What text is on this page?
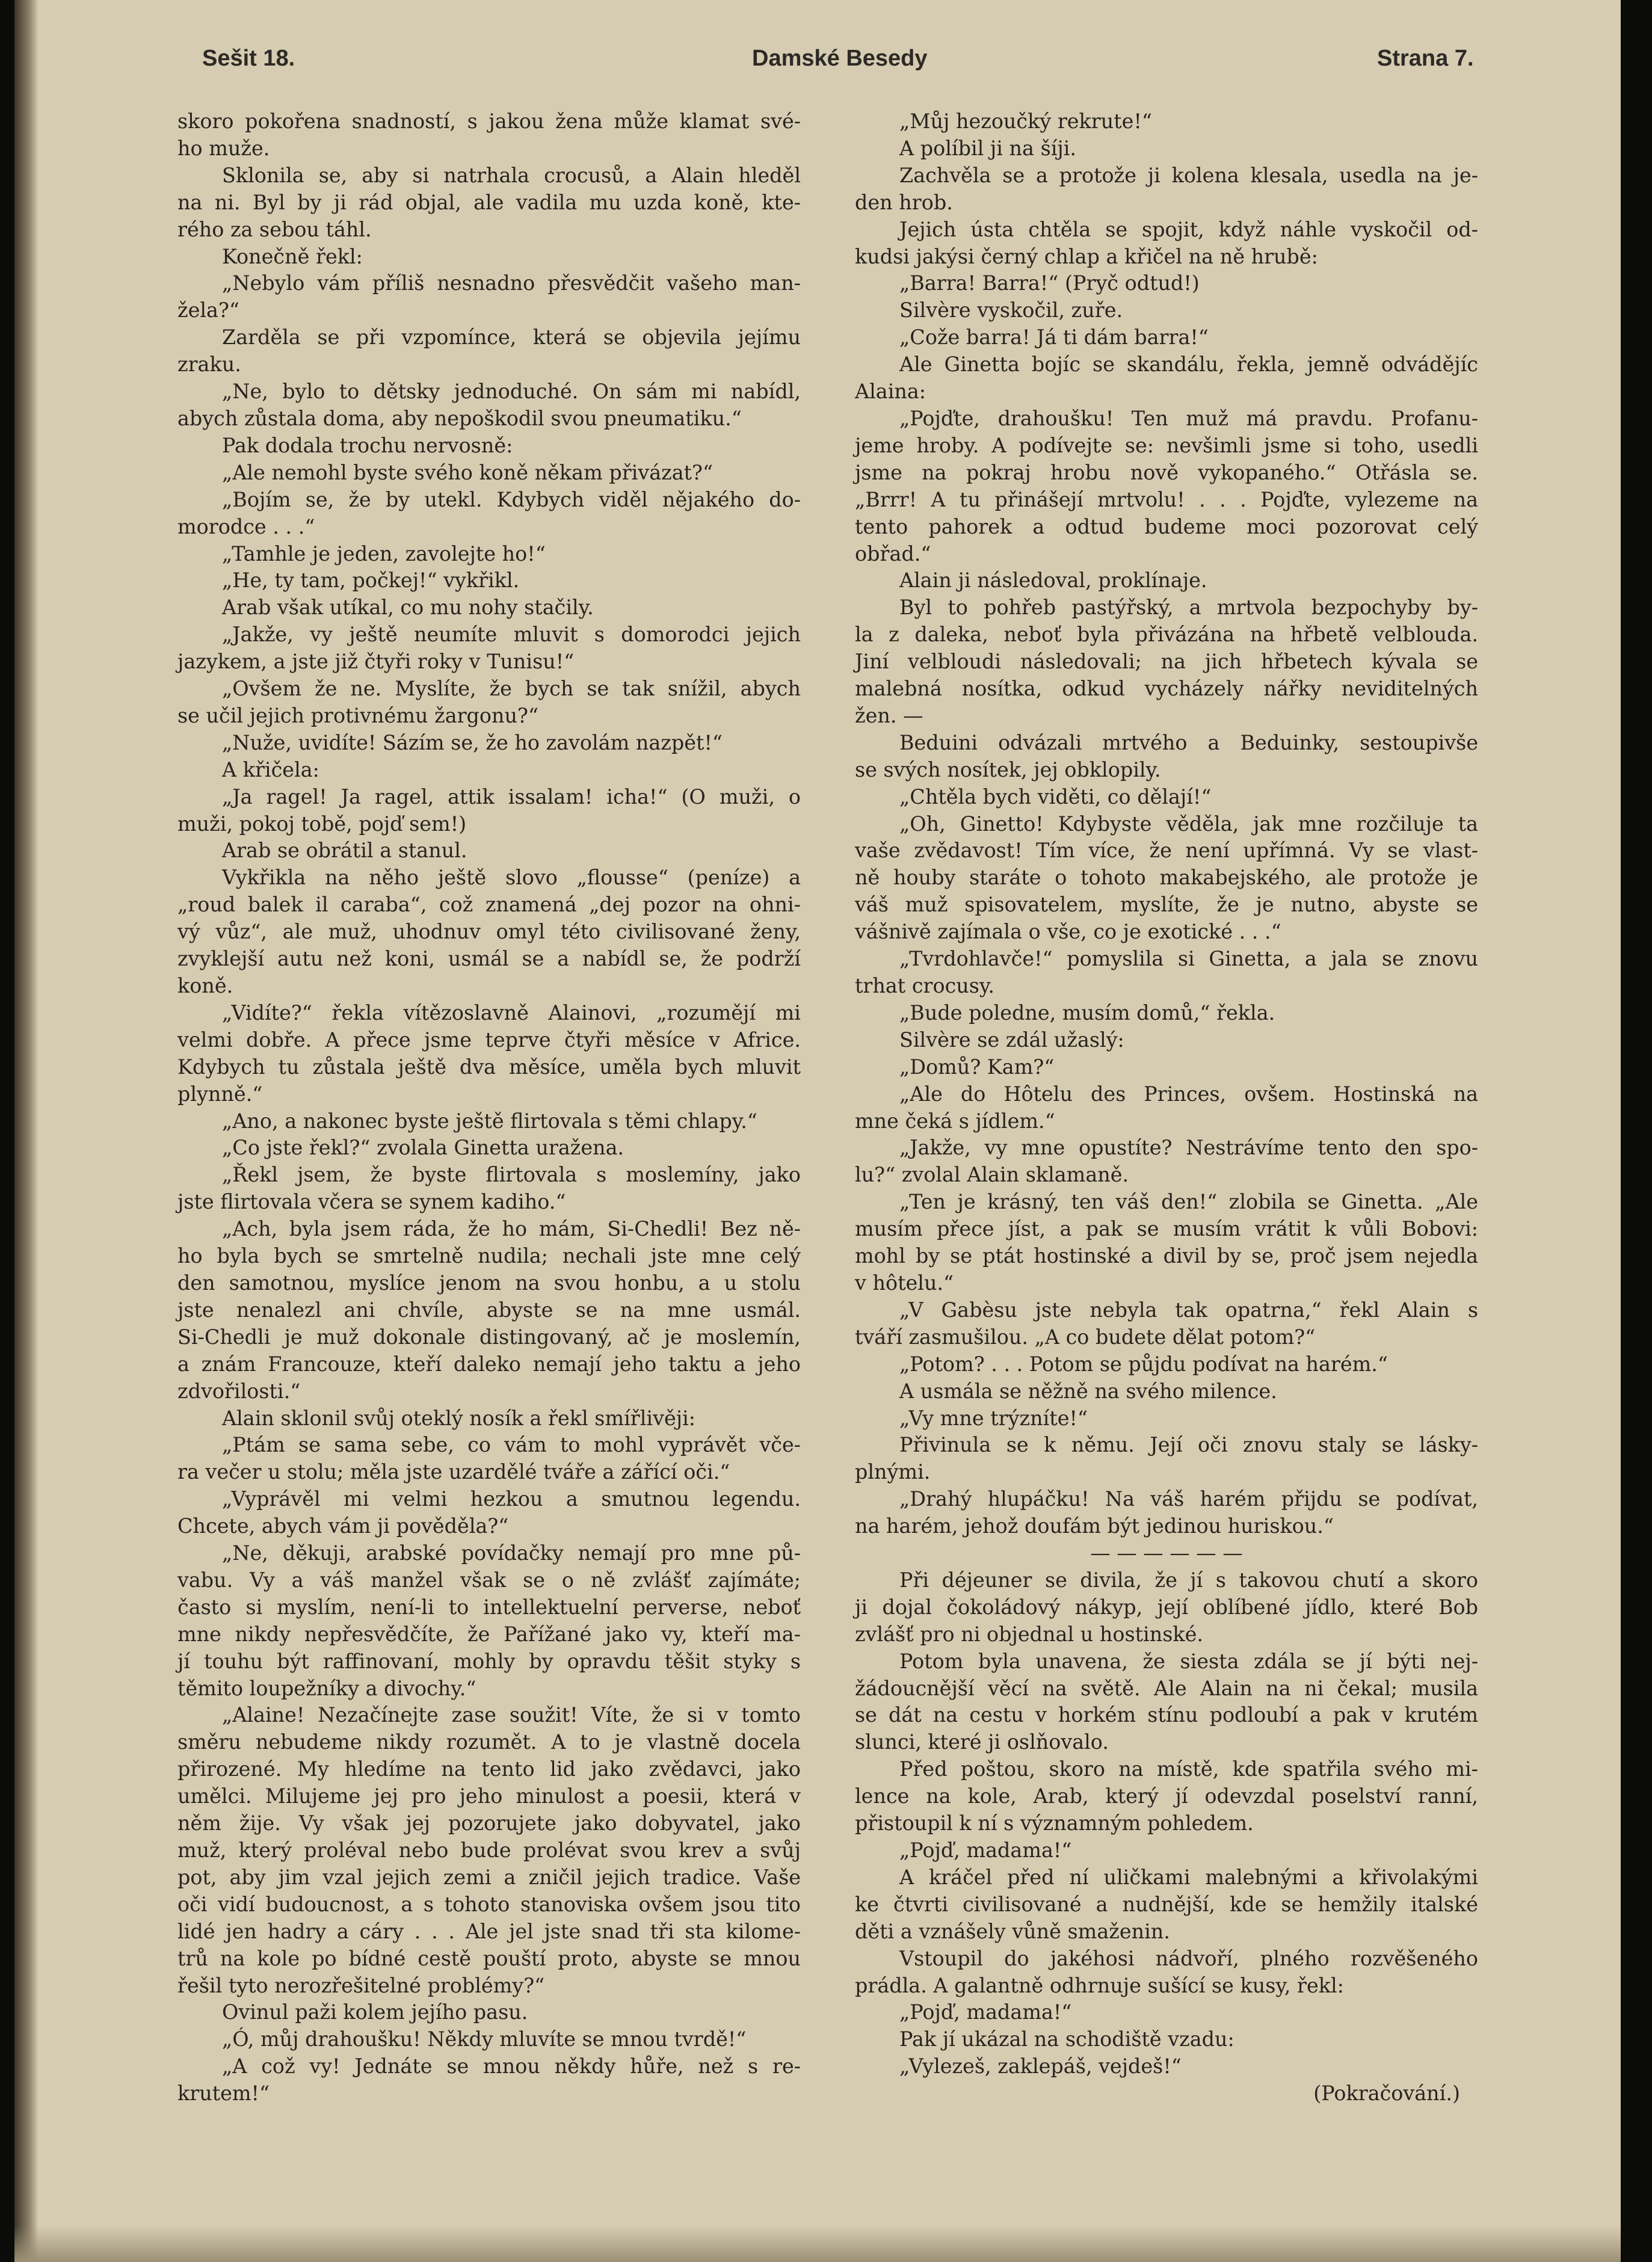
Sešit 18.	Damské Besedy	Strana 7.

skoro pokořena snadností, s jakou žena může klamat své-

ho muže.

Sklonila se, aby si natrhala crocusů, a Alain hleděl

na ni. Byl by ji rád objal, ale vadila mu uzda koně, kte-

rého za sebou táhl.

Konečně řekl:

„Nebylo vám příliš nesnadno přesvědčit vašeho man-

žela?“

Zarděla se při vzpomínce, která se objevila jejímu

zraku.

„Ne, bylo to dětsky jednoduché. On sám mi nabídl,

abych zůstala doma, aby nepoškodil svou pneumatiku.“

Pak dodala trochu nervosně:

„Ale nemohl byste svého koně někam přivázat?“

„Bojím se, že by utekl. Kdybych viděl nějakého do-

morodce . . .“

„Tamhle je jeden, zavolejte ho!“

„He, ty tam, počkej!“ vykřikl.

Arab však utíkal, co mu nohy stačily.

„Jakže, vy ještě neumíte mluvit s domorodci jejich

jazykem, a jste již čtyři roky v Tunisu!“

„Ovšem že ne. Myslíte, že bych se tak snížil, abych

se učil jejich protivnému žargonu?“

„Nuže, uvidíte! Sázím se, že ho zavolám nazpět!“

A křičela:

„Ja ragel! Ja ragel, attik issalam! icha!“ (O muži, o

muži, pokoj tobě, pojď sem!)

Arab se obrátil a stanul.

Vykřikla na něho ještě slovo „flousse“ (peníze) a

„roud balek il caraba“, což znamená „dej pozor na ohni-

vý vůz“, ale muž, uhodnuv omyl této civilisované ženy,

zvyklejší autu než koni, usmál se a nabídl se, že podrží

koně.

„Vidíte?“ řekla vítězoslavně Alainovi, „rozumějí mi

velmi dobře. A přece jsme teprve čtyři měsíce v Africe.

Kdybych tu zůstala ještě dva měsíce, uměla bych mluvit

plynně.“

„Ano, a nakonec byste ještě flirtovala s těmi chlapy.“

„Co jste řekl?“ zvolala Ginetta uražena.

„Řekl jsem, že byste flirtovala s moslemíny, jako

jste flirtovala včera se synem kadiho.“

„Ach, byla jsem ráda, že ho mám, Si-Chedli! Bez ně-

ho byla bych se smrtelně nudila; nechali jste mne celý

den samotnou, myslíce jenom na svou honbu, a u stolu

jste nenalezl ani chvíle, abyste se na mne usmál.

Si-Chedli je muž dokonale distingovaný, ač je moslemín,

a znám Francouze, kteří daleko nemají jeho taktu a jeho

zdvořilosti.“

Alain sklonil svůj oteklý nosík a řekl smířlivěji:

„Ptám se sama sebe, co vám to mohl vyprávět vče-

ra večer u stolu; měla jste uzardělé tváře a zářící oči.“

„Vyprávěl mi velmi hezkou a smutnou legendu.

Chcete, abych vám ji pověděla?“

„Ne, děkuji, arabské povídačky nemají pro mne pů-

vabu. Vy a váš manžel však se o ně zvlášť zajímáte;

často si myslím, není-li to intellektuelní perverse, neboť

mne nikdy nepřesvědčíte, že Pařížané jako vy, kteří ma-

jí touhu být raffinovaní, mohly by opravdu těšit styky s

těmito loupežníky a divochy.“

„Alaine! Nezačínejte zase soužit! Víte, že si v tomto

směru nebudeme nikdy rozumět. A to je vlastně docela

přirozené. My hledíme na tento lid jako zvědavci, jako

umělci. Milujeme jej pro jeho minulost a poesii, která v

něm žije. Vy však jej pozorujete jako dobyvatel, jako

muž, který proléval nebo bude prolévat svou krev a svůj

pot, aby jim vzal jejich zemi a zničil jejich tradice. Vaše

oči vidí budoucnost, a s tohoto stanoviska ovšem jsou tito

lidé jen hadry a cáry . . . Ale jel jste snad tři sta kilome-

trů na kole po bídné cestě pouští proto, abyste se mnou

řešil tyto nerozřešitelné problémy?“

Ovinul paži kolem jejího pasu.

„Ó, můj drahoušku! Někdy mluvíte se mnou tvrdě!“

„A což vy! Jednáte se mnou někdy hůře, než s re-

krutem!“

„Můj hezoučký rekrute!“

A políbil ji na šíji.

Zachvěla se a protože ji kolena klesala, usedla na je-

den hrob.

Jejich ústa chtěla se spojit, když náhle vyskočil od-

kudsi jakýsi černý chlap a křičel na ně hrubě:

„Barra! Barra!“ (Pryč odtud!)

Silvère vyskočil, zuře.

„Cože barra! Já ti dám barra!“

Ale Ginetta bojíc se skandálu, řekla, jemně odvádějíc

Alaina:

„Pojďte, drahoušku! Ten muž má pravdu. Profanu-

jeme hroby. A podívejte se: nevšimli jsme si toho, usedli

jsme na pokraj hrobu nově vykopaného.“ Otřásla se.

„Brrr! A tu přinášejí mrtvolu! . . . Pojďte, vylezeme na

tento pahorek a odtud budeme moci pozorovat celý

obřad.“

Alain ji následoval, proklínaje.

Byl to pohřeb pastýřský, a mrtvola bezpochyby by-

la z daleka, neboť byla přivázána na hřbetě velblouda.

Jiní velbloudi následovali; na jich hřbetech kývala se

malebná nosítka, odkud vycházely nářky neviditelných

žen. —

Beduini odvázali mrtvého a Beduinky, sestoupivše

se svých nosítek, jej obklopily.

„Chtěla bych viděti, co dělají!“

„Oh, Ginetto! Kdybyste věděla, jak mne rozčiluje ta

vaše zvědavost! Tím více, že není upřímná. Vy se vlast-

ně houby staráte o tohoto makabejského, ale protože je

váš muž spisovatelem, myslíte, že je nutno, abyste se

vášnivě zajímala o vše, co je exotické . . .“

„Tvrdohlavče!“ pomyslila si Ginetta, a jala se znovu

trhat crocusy.

„Bude poledne, musím domů,“ řekla.

Silvère se zdál užaslý:

„Domů? Kam?“

„Ale do Hôtelu des Princes, ovšem. Hostinská na

mne čeká s jídlem.“

„Jakže, vy mne opustíte? Nestrávíme tento den spo-

lu?“ zvolal Alain sklamaně.

„Ten je krásný, ten váš den!“ zlobila se Ginetta. „Ale

musím přece jíst, a pak se musím vrátit k vůli Bobovi:

mohl by se ptát hostinské a divil by se, proč jsem nejedla

v hôtelu.“

„V Gabèsu jste nebyla tak opatrna,“ řekl Alain s

tváří zasmušilou. „A co budete dělat potom?“

„Potom? . . . Potom se půjdu podívat na harém.“

A usmála se něžně na svého milence.

„Vy mne trýzníte!“

Přivinula se k němu. Její oči znovu staly se lásky-

plnými.

„Drahý hlupáčku! Na váš harém přijdu se podívat,

na harém, jehož doufám být jedinou huriskou.“

— — — — — —

Při déjeuner se divila, že jí s takovou chutí a skoro

ji dojal čokoládový nákyp, její oblíbené jídlo, které Bob

zvlášť pro ni objednal u hostinské.

Potom byla unavena, že siesta zdála se jí býti nej-

žádoucnější věcí na světě. Ale Alain na ni čekal; musila

se dát na cestu v horkém stínu podloubí a pak v krutém

slunci, které ji oslňovalo.

Před poštou, skoro na místě, kde spatřila svého mi-

lence na kole, Arab, který jí odevzdal poselství ranní,

přistoupil k ní s významným pohledem.

„Pojď, madama!“

A kráčel před ní uličkami malebnými a křivolakými

ke čtvrti civilisované a nudnější, kde se hemžily italské

děti a vznášely vůně smaženin.

Vstoupil do jakéhosi nádvoří, plného rozvěšeného

prádla. A galantně odhrnuje sušící se kusy, řekl:

„Pojď, madama!“

Pak jí ukázal na schodiště vzadu:

„Vylezeš, zaklepáš, vejdeš!“

(Pokračování.)
